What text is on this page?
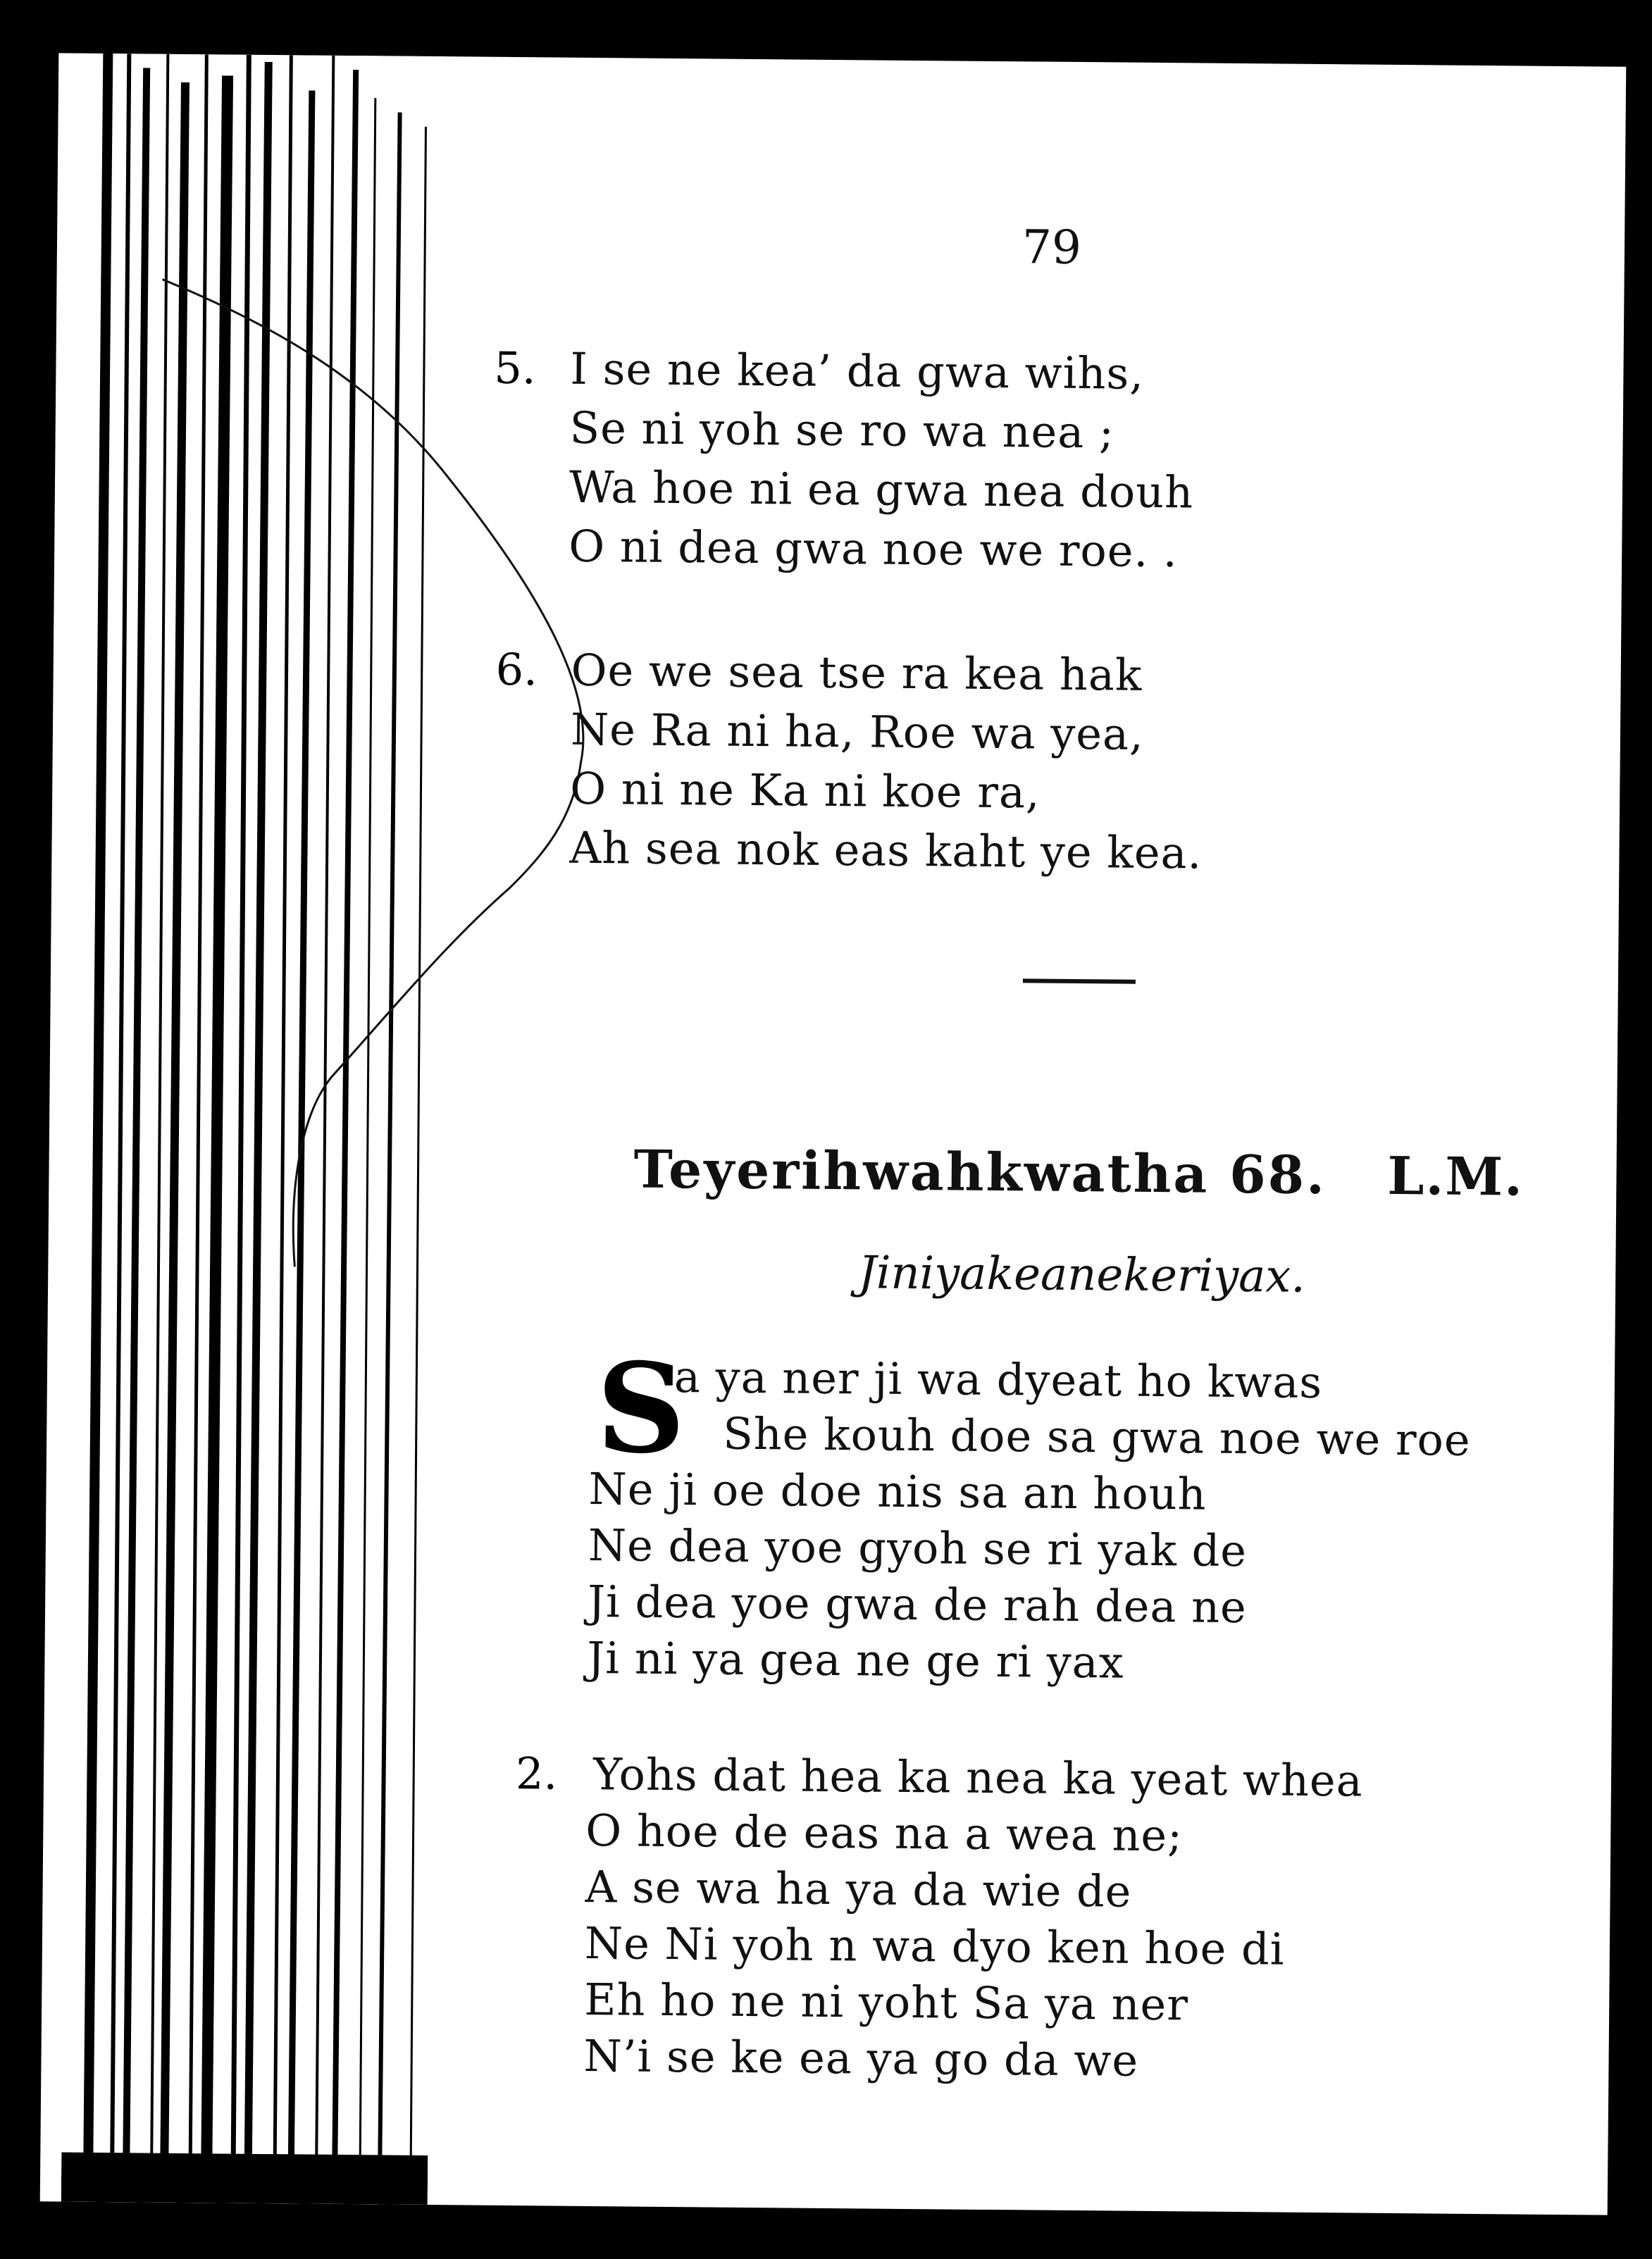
79
5. I se ne kea’ da gwa wihs,
Se ni yoh se ro wa nea ;
Wa hoe ni ea gwa nea douh
O ni dea gwa noe we roe. .
6. Oe we sea tse ra kea hak
Ne Ra ni ha, Roe wa yea,
O ni ne Ka ni koe ra,
Ah sea nok eas kaht ye kea.
Teyerihwahkwatha 68. L.M.
Jiniyakeanekeriyax.
S
a ya ner ji wa dyeat ho kwas
She kouh doe sa gwa noe we roe
Ne ji oe doe nis sa an houh
Ne dea yoe gyoh se ri yak de
Ji dea yoe gwa de rah dea ne
Ji ni ya gea ne ge ri yax
2. Yohs dat hea ka nea ka yeat whea
O hoe de eas na a wea ne;
A se wa ha ya da wie de
Ne Ni yoh n wa dyo ken hoe di
Eh ho ne ni yoht Sa ya ner
N’i se ke ea ya go da we
